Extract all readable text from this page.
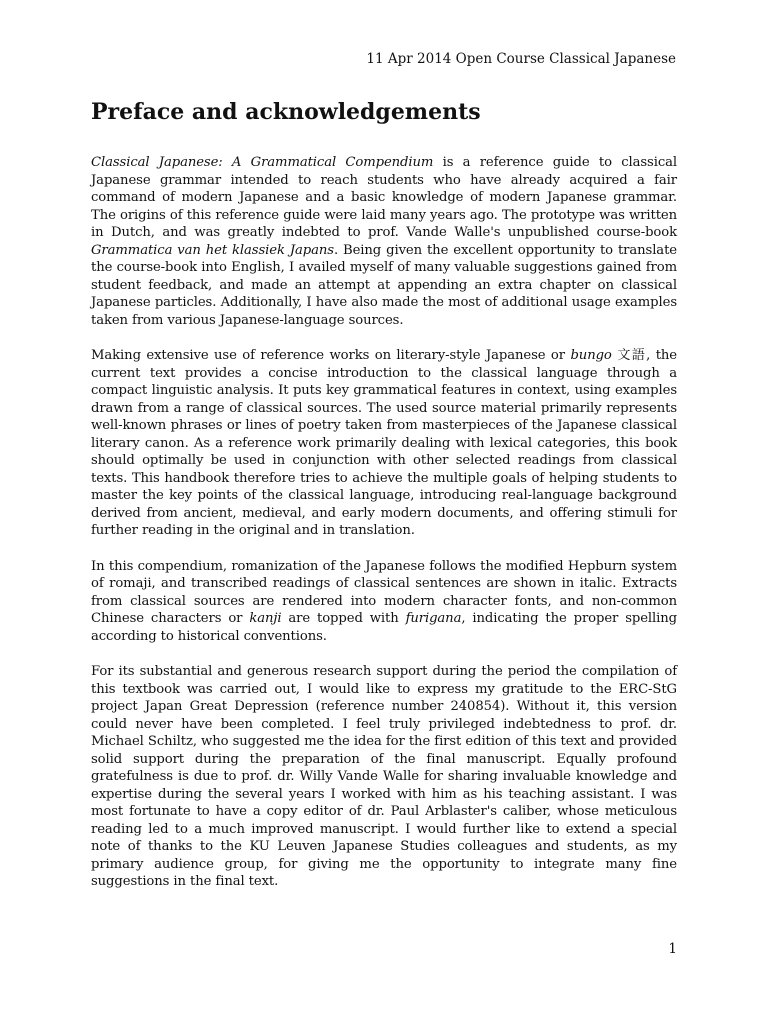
11 Apr 2014 Open Course Classical Japanese
Preface and acknowledgements

Classical Japanese: A Grammatical Compendium is a reference guide to classical Japanese grammar intended to reach students who have already acquired a fair command of modern Japanese and a basic knowledge of modern Japanese grammar. The origins of this reference guide were laid many years ago. The prototype was written in Dutch, and was greatly indebted to prof. Vande Walle's unpublished course-book Grammatica van het klassiek Japans. Being given the excellent opportunity to translate the course-book into English, I availed myself of many valuable suggestions gained from student feedback, and made an attempt at appending an extra chapter on classical Japanese particles. Additionally, I have also made the most of additional usage examples taken from various Japanese-language sources.

Making extensive use of reference works on literary-style Japanese or bungo 文語, the current text provides a concise introduction to the classical language through a compact linguistic analysis. It puts key grammatical features in context, using examples drawn from a range of classical sources. The used source material primarily represents well-known phrases or lines of poetry taken from masterpieces of the Japanese classical literary canon. As a reference work primarily dealing with lexical categories, this book should optimally be used in conjunction with other selected readings from classical texts. This handbook therefore tries to achieve the multiple goals of helping students to master the key points of the classical language, introducing real-language background derived from ancient, medieval, and early modern documents, and offering stimuli for further reading in the original and in translation.

In this compendium, romanization of the Japanese follows the modified Hepburn system of romaji, and transcribed readings of classical sentences are shown in italic. Extracts from classical sources are rendered into modern character fonts, and non-common Chinese characters or kanji are topped with furigana, indicating the proper spelling according to historical conventions.

For its substantial and generous research support during the period the compilation of this textbook was carried out, I would like to express my gratitude to the ERC-StG project Japan Great Depression (reference number 240854). Without it, this version could never have been completed. I feel truly privileged indebtedness to prof. dr. Michael Schiltz, who suggested me the idea for the first edition of this text and provided solid support during the preparation of the final manuscript. Equally profound gratefulness is due to prof. dr. Willy Vande Walle for sharing invaluable knowledge and expertise during the several years I worked with him as his teaching assistant. I was most fortunate to have a copy editor of dr. Paul Arblaster's caliber, whose meticulous reading led to a much improved manuscript. I would further like to extend a special note of thanks to the KU Leuven Japanese Studies colleagues and students, as my primary audience group, for giving me the opportunity to integrate many fine suggestions in the final text.

1
